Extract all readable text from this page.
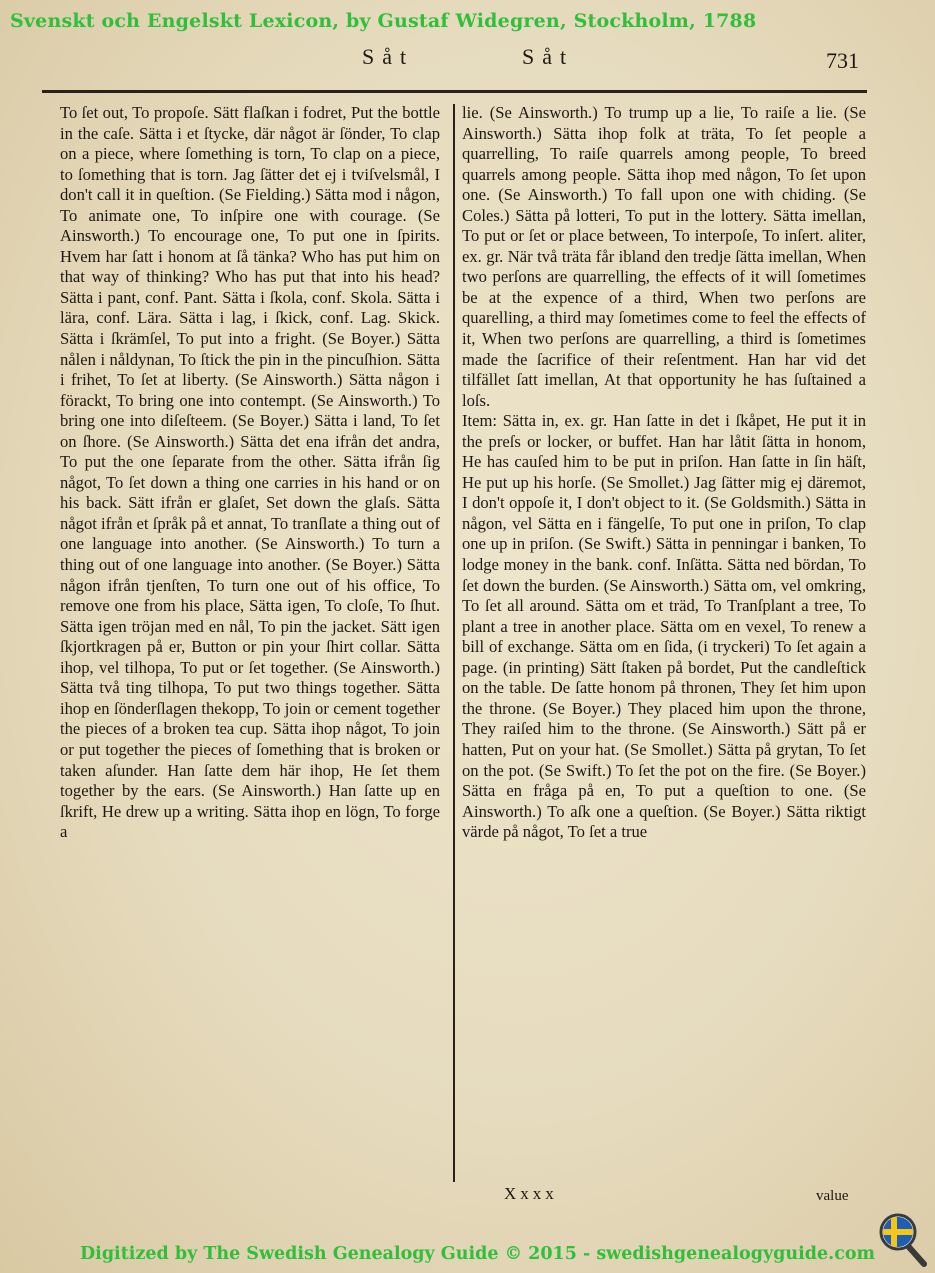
Svenskt och Engelskt Lexicon, by Gustaf Widegren, Stockholm, 1788
Såt	Såt	731

To ſet out, To propoſe. Sätt flaſkan i fodret, Put the bottle in the caſe. Sätta i et ſtycke, där något är ſönder, To clap on a piece, where ſomething is torn, To clap on a piece, to ſomething that is torn. Jag ſätter det ej i tviſvelsmål, I don't call it in queſtion. (Se Fielding.) Sätta mod i någon, To animate one, To inſpire one with courage. (Se Ainsworth.) To encourage one, To put one in ſpirits. Hvem har ſatt i honom at ſå tänka? Who has put him on that way of thinking? Who has put that into his head? Sätta i pant, conf. Pant. Sätta i ſkola, conf. Skola. Sätta i lära, conf. Lära. Sätta i lag, i ſkick, conf. Lag. Skick. Sätta i ſkrämſel, To put into a fright. (Se Boyer.) Sätta nålen i nåldynan, To ſtick the pin in the pincuſhion. Sätta i frihet, To ſet at liberty. (Se Ainsworth.) Sätta någon i förackt, To bring one into contempt. (Se Ainsworth.) To bring one into diſeſteem. (Se Boyer.) Sätta i land, To ſet on ſhore. (Se Ainsworth.) Sätta det ena ifrån det andra, To put the one ſeparate from the other. Sätta ifrån ſig något, To ſet down a thing one carries in his hand or on his back. Sätt ifrån er glaſet, Set down the glaſs. Sätta något ifrån et ſpråk på et annat, To tranſlate a thing out of one language into another. (Se Ainsworth.) To turn a thing out of one language into another. (Se Boyer.) Sätta någon ifrån tjenſten, To turn one out of his office, To remove one from his place, Sätta igen, To cloſe, To ſhut. Sätta igen tröjan med en nål, To pin the jacket. Sätt igen ſkjortkragen på er, Button or pin your ſhirt collar. Sätta ihop, vel tilhopa, To put or ſet together. (Se Ainsworth.) Sätta två ting tilhopa, To put two things together. Sätta ihop en ſönderſlagen thekopp, To join or cement together the pieces of a broken tea cup. Sätta ihop något, To join or put together the pieces of ſomething that is broken or taken aſunder. Han ſatte dem här ihop, He ſet them together by the ears. (Se Ainsworth.) Han ſatte up en ſkrift, He drew up a writing. Sätta ihop en lögn, To forge a

lie. (Se Ainsworth.) To trump up a lie, To raiſe a lie. (Se Ainsworth.) Sätta ihop folk at träta, To ſet people a quarrelling, To raiſe quarrels among people, To breed quarrels among people. Sätta ihop med någon, To ſet upon one. (Se Ainsworth.) To fall upon one with chiding. (Se Coles.) Sätta på lotteri, To put in the lottery. Sätta imellan, To put or ſet or place between, To interpoſe, To inſert. aliter, ex. gr. När två träta får ibland den tredje ſätta imellan, When two perſons are quarrelling, the effects of it will ſometimes be at the expence of a third, When two perſons are quarelling, a third may ſometimes come to feel the effects of it, When two perſons are quarrelling, a third is ſometimes made the ſacrifice of their reſentment. Han har vid det tilfället ſatt imellan, At that opportunity he has ſuſtained a loſs.

Item: Sätta in, ex. gr. Han ſatte in det i ſkåpet, He put it in the preſs or locker, or buffet. Han har låtit ſätta in honom, He has cauſed him to be put in priſon. Han ſatte in ſin häſt, He put up his horſe. (Se Smollet.) Jag ſätter mig ej däremot, I don't oppoſe it, I don't object to it. (Se Goldsmith.) Sätta in någon, vel Sätta en i fängelſe, To put one in priſon, To clap one up in priſon. (Se Swift.) Sätta in penningar i banken, To lodge money in the bank. conf. Inſätta. Sätta ned bördan, To ſet down the burden. (Se Ainsworth.) Sätta om, vel omkring, To ſet all around. Sätta om et träd, To Tranſplant a tree, To plant a tree in another place. Sätta om en vexel, To renew a bill of exchange. Sätta om en ſida, (i tryckeri) To ſet again a page. (in printing) Sätt ſtaken på bordet, Put the candleſtick on the table. De ſatte honom på thronen, They ſet him upon the throne. (Se Boyer.) They placed him upon the throne, They raiſed him to the throne. (Se Ainsworth.) Sätt på er hatten, Put on your hat. (Se Smollet.) Sätta på grytan, To ſet on the pot. (Se Swift.) To ſet the pot on the fire. (Se Boyer.) Sätta en fråga på en, To put a queſtion to one. (Se Ainsworth.) To aſk one a queſtion. (Se Boyer.) Sätta riktigt värde på något, To ſet a true

Xxxx	value
Digitized by The Swedish Genealogy Guide © 2015 - swedishgenealogyguide.com
